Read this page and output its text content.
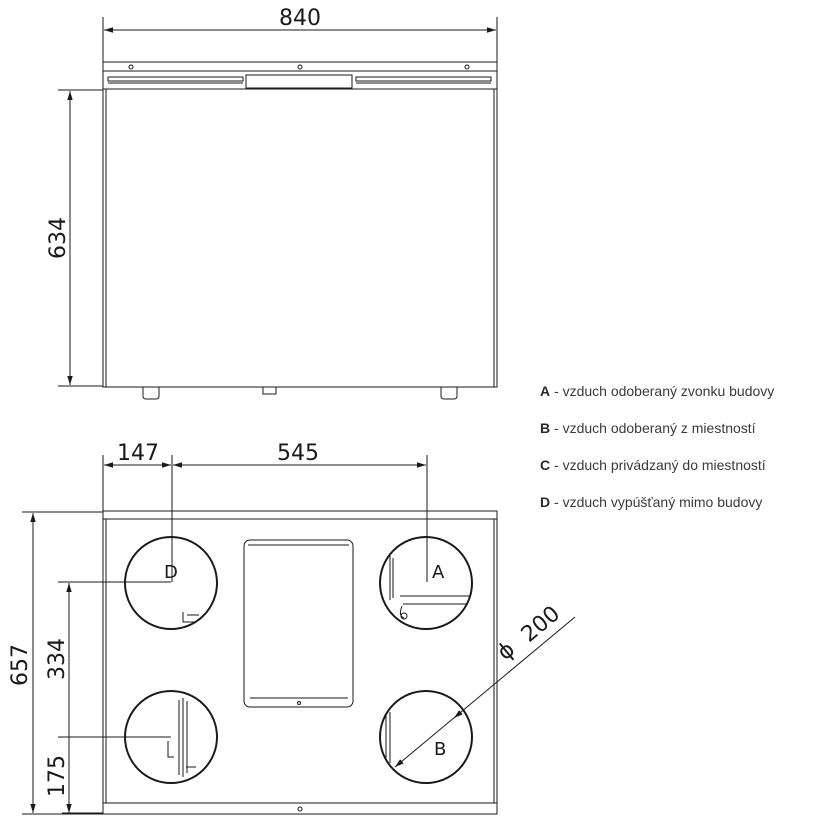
840
634
147	545
D	A
B
ϕ
200
657 334
175
A - vzduch odoberaný zvonku budovy
B - vzduch odoberaný z miestností
C - vzduch privádzaný do miestností
D - vzduch vypúšťaný mimo budovy
